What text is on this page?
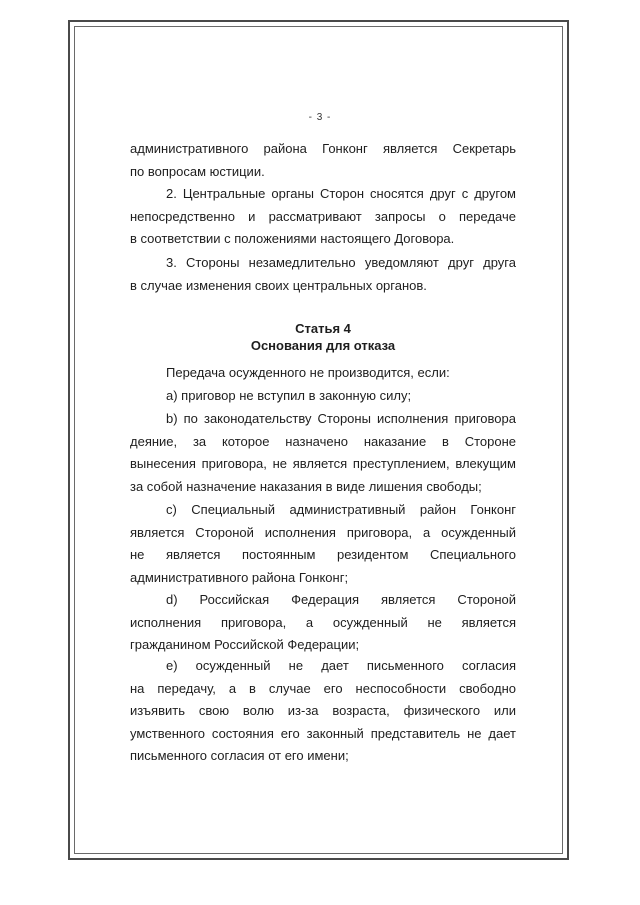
- 3 -

административного района Гонконг является Секретарь

по вопросам юстиции.

2. Центральные органы Сторон сносятся друг с другом

непосредственно и рассматривают запросы о передаче

в соответствии с положениями настоящего Договора.

3. Стороны незамедлительно уведомляют друг друга

в случае изменения своих центральных органов.

Статья 4

Основания для отказа

Передача осужденного не производится, если:

а) приговор не вступил в законную силу;

b) по законодательству Стороны исполнения приговора

деяние, за которое назначено наказание в Стороне

вынесения приговора, не является преступлением, влекущим

за собой назначение наказания в виде лишения свободы;

c) Специальный административный район Гонконг

является Стороной исполнения приговора, а осужденный

не является постоянным резидентом Специального

административного района Гонконг;

d) Российская Федерация является Стороной

исполнения приговора, а осужденный не является

гражданином Российской Федерации;

е) осужденный не дает письменного согласия

на передачу, а в случае его неспособности свободно

изъявить свою волю из-за возраста, физического или

умственного состояния его законный представитель не дает

письменного согласия от его имени;
